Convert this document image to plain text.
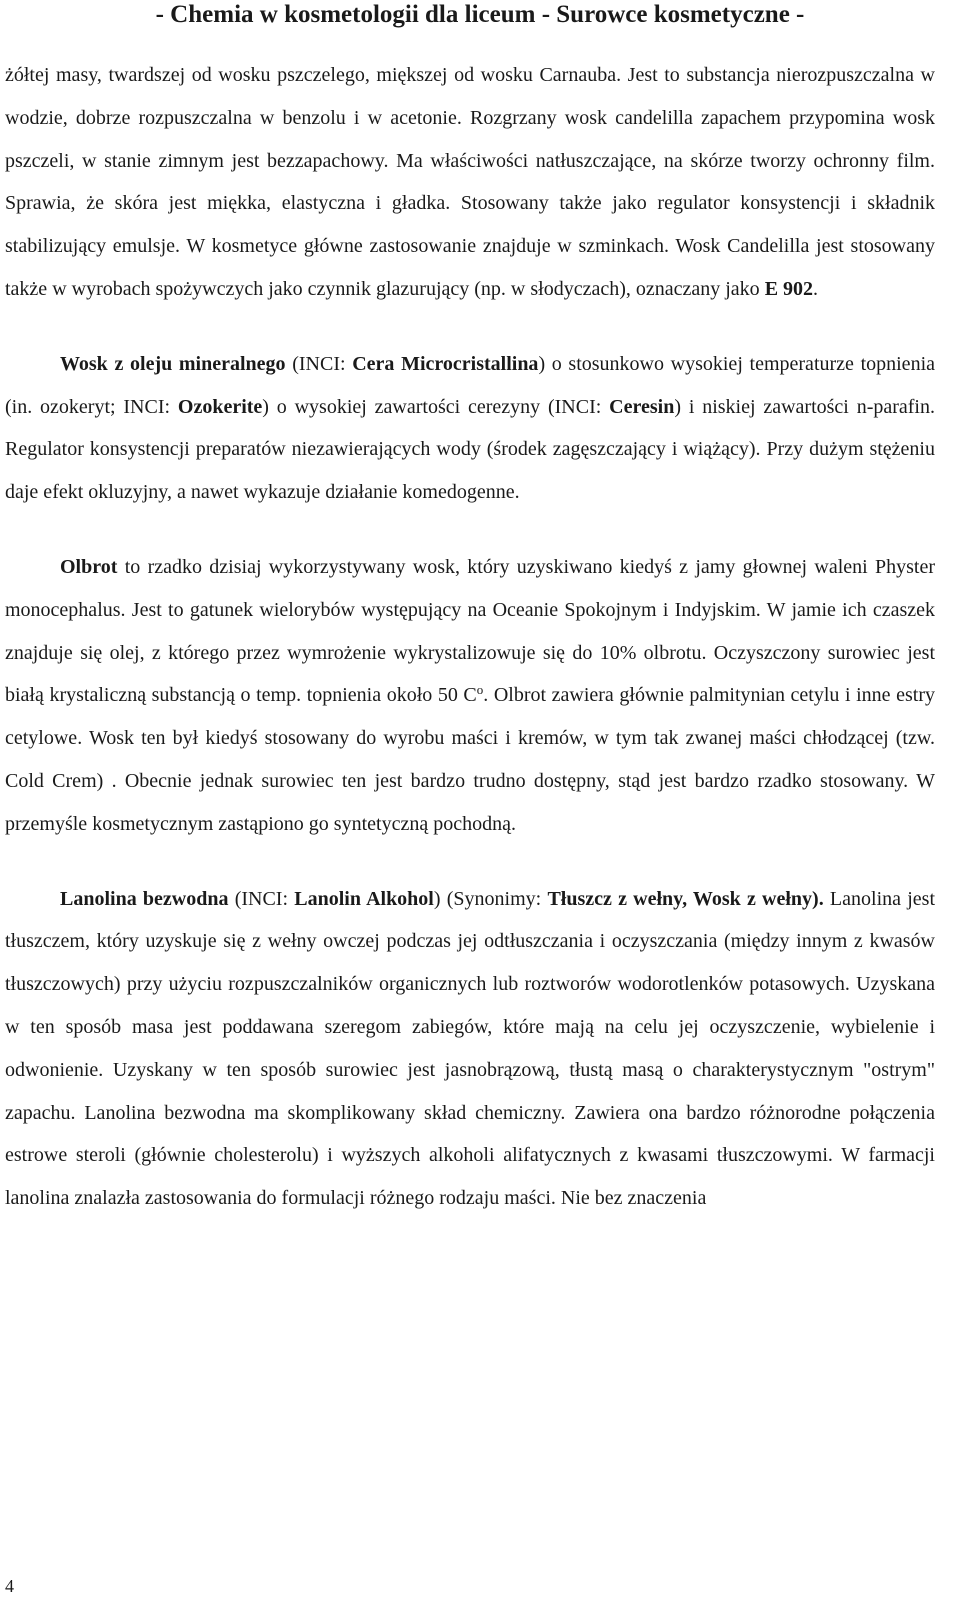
- Chemia w kosmetologii dla liceum - Surowce kosmetyczne -

żółtej masy, twardszej od wosku pszczelego, miększej od wosku Carnauba. Jest to substancja nierozpuszczalna w wodzie, dobrze rozpuszczalna w benzolu i w acetonie. Rozgrzany wosk candelilla zapachem przypomina wosk pszczeli, w stanie zimnym jest bezzapachowy. Ma właściwości natłuszczające, na skórze tworzy ochronny film. Sprawia, że skóra jest miękka, elastyczna i gładka. Stosowany także jako regulator konsystencji i składnik stabilizujący emulsje. W kosmetyce główne zastosowanie znajduje w szminkach. Wosk Candelilla jest stosowany także w wyrobach spożywczych jako czynnik glazurujący (np. w słodyczach), oznaczany jako E 902.

Wosk z oleju mineralnego (INCI: Cera Microcristallina) o stosunkowo wysokiej temperaturze topnienia (in. ozokeryt; INCI: Ozokerite) o wysokiej zawartości cerezyny (INCI: Ceresin) i niskiej zawartości n-parafin. Regulator konsystencji preparatów niezawierających wody (środek zagęszczający i wiążący). Przy dużym stężeniu daje efekt okluzyjny, a nawet wykazuje działanie komedogenne.

Olbrot to rzadko dzisiaj wykorzystywany wosk, który uzyskiwano kiedyś z jamy głownej waleni Physter monocephalus. Jest to gatunek wielorybów występujący na Oceanie Spokojnym i Indyjskim. W jamie ich czaszek znajduje się olej, z którego przez wymrożenie wykrystalizowuje się do 10% olbrotu. Oczyszczony surowiec jest białą krystaliczną substancją o temp. topnienia około 50 $C^o$. Olbrot zawiera głównie palmitynian cetylu i inne estry cetylowe. Wosk ten był kiedyś stosowany do wyrobu maści i kremów, w tym tak zwanej maści chłodzącej (tzw. Cold Crem) . Obecnie jednak surowiec ten jest bardzo trudno dostępny, stąd jest bardzo rzadko stosowany. W przemyśle kosmetycznym zastąpiono go syntetyczną pochodną.

Lanolina bezwodna (INCI: Lanolin Alkohol) (Synonimy: Tłuszcz z wełny, Wosk z wełny). Lanolina jest tłuszczem, który uzyskuje się z wełny owczej podczas jej odtłuszczania i oczyszczania (między innym z kwasów tłuszczowych) przy użyciu rozpuszczalników organicznych lub roztworów wodorotlenków potasowych. Uzyskana w ten sposób masa jest poddawana szeregom zabiegów, które mają na celu jej oczyszczenie, wybielenie i odwonienie. Uzyskany w ten sposób surowiec jest jasnobrązową, tłustą masą o charakterystycznym "ostrym" zapachu. Lanolina bezwodna ma skomplikowany skład chemiczny. Zawiera ona bardzo różnorodne połączenia estrowe steroli (głównie cholesterolu) i wyższych alkoholi alifatycznych z kwasami tłuszczowymi. W farmacji lanolina znalazła zastosowania do formulacji różnego rodzaju maści. Nie bez znaczenia

4
